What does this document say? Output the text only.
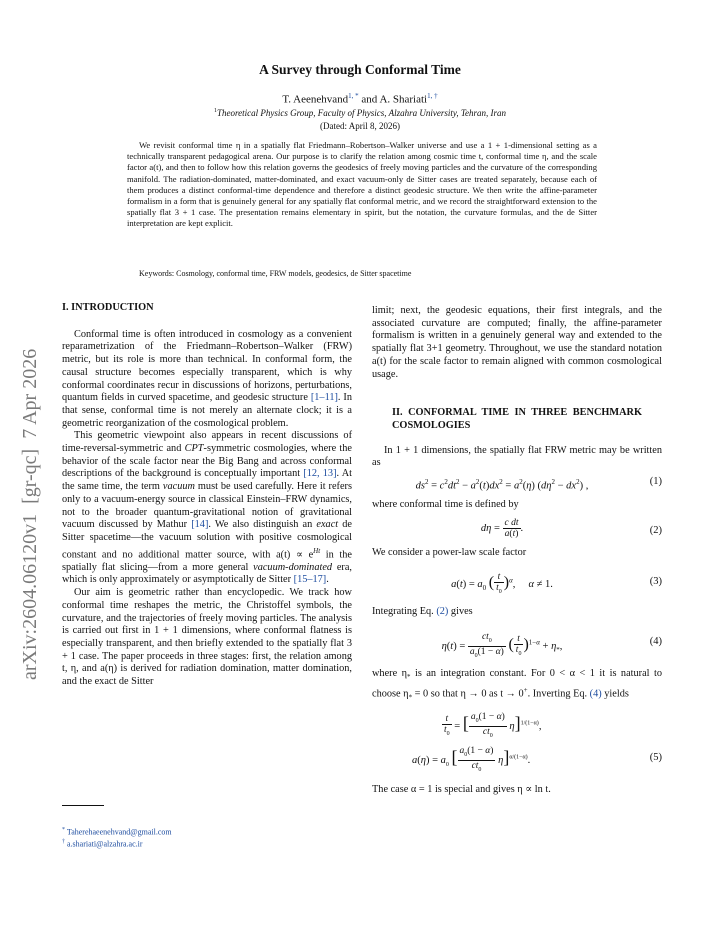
arXiv:2604.06120v1  [gr-qc]  7 Apr 2026
A Survey through Conformal Time
T. Aeenehvand$^{1, *}$ and A. Shariati$^{1, \dagger}$
$^1$Theoretical Physics Group, Faculty of Physics, Alzahra University, Tehran, Iran
(Dated: April 8, 2026)

We revisit conformal time η in a spatially flat Friedmann–Robertson–Walker universe and use a 1 + 1-dimensional setting as a technically transparent pedagogical arena. Our purpose is to clarify the relation among cosmic time t, conformal time η, and the scale factor a(t), and then to follow how this relation governs the geodesics of freely moving particles and the curvature of the corresponding manifold. The radiation-dominated, matter-dominated, and exact vacuum-only de Sitter cases are treated separately, because each of them produces a distinct conformal-time dependence and therefore a distinct geodesic structure. We then write the affine-parameter formalism in a form that is genuinely general for any spatially flat conformal metric, and we record the straightforward extension to the spatially flat 3 + 1 case. The presentation remains elementary in spirit, but the notation, the curvature formulas, and the de Sitter interpretation are kept explicit.

Keywords: Cosmology, conformal time, FRW models, geodesics, de Sitter spacetime

I. INTRODUCTION

Conformal time is often introduced in cosmology as a convenient reparametrization of the Friedmann–Robertson–Walker (FRW) metric, but its role is more than technical. In conformal form, the causal structure becomes especially transparent, which is why conformal coordinates recur in discussions of horizons, perturbations, quantum fields in curved spacetime, and geodesic structure [1–11]. In that sense, conformal time is not merely an alternate clock; it is a geometric reorganization of the cosmological problem.

This geometric viewpoint also appears in recent discussions of time-reversal-symmetric and CPT-symmetric cosmologies, where the behavior of the scale factor near the Big Bang and across conformal descriptions of the background is conceptually important [12, 13]. At the same time, the term vacuum must be used carefully. Here it refers only to a vacuum-energy source in classical Einstein–FRW dynamics, not to the broader quantum-gravitational notion of gravitational vacuum discussed by Mathur [14]. We also distinguish an exact de Sitter spacetime—the vacuum solution with positive cosmological constant and no additional matter source, with $a(t) \propto e^{Ht}$ in the spatially flat slicing—from a more general vacuum-dominated era, which is only approximately or asymptotically de Sitter [15–17].

Our aim is geometric rather than encyclopedic. We track how conformal time reshapes the metric, the Christoffel symbols, the curvature, and the trajectories of freely moving particles. The analysis is carried out first in 1 + 1 dimensions, where conformal flatness is especially transparent, and then briefly extended to the spatially flat 3 + 1 case. The paper proceeds in three stages: first, the relation among t, η, and a(η) is derived for radiation domination, matter domination, and the exact de Sitter

limit; next, the geodesic equations, their first integrals, and the associated curvature are computed; finally, the affine-parameter formalism is written in a genuinely general way and extended to the spatially flat 3+1 geometry. Throughout, we use the standard notation a(t) for the scale factor to remain aligned with common cosmological usage.

II. CONFORMAL TIME IN THREE BENCHMARK COSMOLOGIES

In 1 + 1 dimensions, the spatially flat FRW metric may be written as

$ds^2 = c^2dt^2 - a^2(t)dx^2 = a^2(\eta) (d\eta^2 - dx^2)$ ,	(1)

where conformal time is defined by

$d\eta = \frac{\text{c dt}}{a(t)}$ .	(2)

We consider a power-law scale factor

$a(t) = a_0$ ( $\frac{t}{t_0} )^\alpha$,     α ≠ 1.	(3)

Integrating Eq. (2) gives

$\eta(t) = \frac{ct_0}{a_0(1 - \alpha)}$ ( $\frac{t}{t_0} )^{1-\alpha} + \eta_*$,	(4)

where $\eta_*$ is an integration constant. For 0 < α < 1 it is natural to choose $\eta_* = 0$ so that η → 0 as t → 0+. Inverting Eq. (4) yields

$\frac{t}{t_0}$ = [ $\frac{a_0(1 - \alpha)}{ct_0} \eta]^{1/(1-\alpha)}$,
$a(\eta) = a_0$ [ $\frac{a_0(1 - \alpha)}{ct_0} \eta]^{\alpha/(1-\alpha)}$.	(5)

The case α = 1 is special and gives η ∝ ln t.

* Taherehaeenehvand@gmail.com
† a.shariati@alzahra.ac.ir
